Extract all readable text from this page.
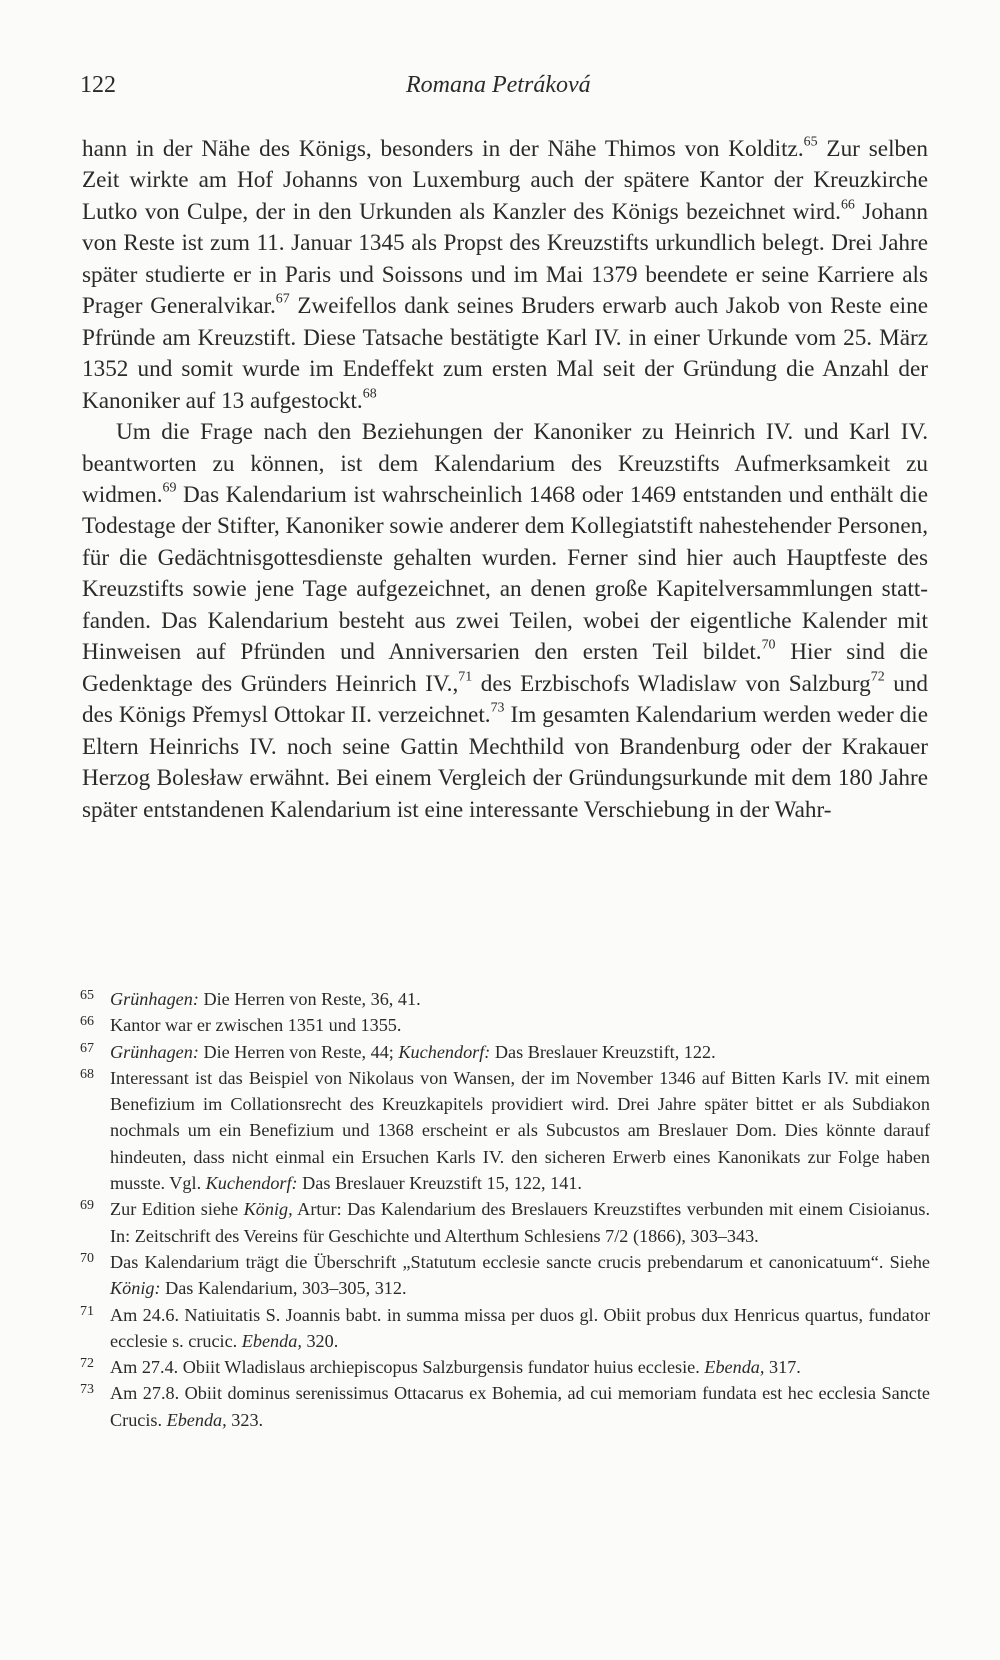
122	Romana Petráková

hann in der Nähe des Königs, besonders in der Nähe Thimos von Kolditz.$^{65}$ Zur selben Zeit wirkte am Hof Johanns von Luxemburg auch der spätere Kantor der Kreuzkirche Lutko von Culpe, der in den Urkunden als Kanzler des Königs bezeichnet wird.$^{66}$ Johann von Reste ist zum 11. Januar 1345 als Propst des Kreuzstifts urkundlich belegt. Drei Jahre später studierte er in Paris und Soissons und im Mai 1379 beendete er seine Karriere als Prager Generalvikar.$^{67}$ Zweifellos dank seines Bruders erwarb auch Jakob von Reste eine Pfründe am Kreuzstift. Diese Tatsache bestätigte Karl IV. in einer Urkunde vom 25. März 1352 und somit wurde im Endeffekt zum ersten Mal seit der Gründung die Anzahl der Kanoniker auf 13 aufgestockt.$^{68}$

Um die Frage nach den Beziehungen der Kanoniker zu Heinrich IV. und Karl IV. beantworten zu können, ist dem Kalendarium des Kreuzstifts Aufmerksamkeit zu widmen.$^{69}$ Das Kalendarium ist wahrscheinlich 1468 oder 1469 entstanden und enthält die Todestage der Stifter, Kanoniker sowie anderer dem Kollegiatstift nahestehender Personen, für die Gedächtnisgottesdienste gehalten wurden. Ferner sind hier auch Hauptfeste des Kreuzstifts sowie jene Tage aufgezeichnet, an denen große Kapitelversammlungen stattfanden. Das Kalendarium besteht aus zwei Teilen, wobei der eigentliche Kalender mit Hinweisen auf Pfründen und Anniversarien den ersten Teil bildet.$^{70}$ Hier sind die Gedenktage des Gründers Heinrich IV.,$^{71}$ des Erzbischofs Wladislaw von Salzburg$^{72}$ und des Königs Přemysl Ottokar II. verzeichnet.$^{73}$ Im gesamten Kalendarium werden weder die Eltern Heinrichs IV. noch seine Gattin Mechthild von Brandenburg oder der Krakauer Herzog Bolesław erwähnt. Bei einem Vergleich der Gründungsurkunde mit dem 180 Jahre später entstandenen Kalendarium ist eine interessante Verschiebung in der Wahr-

65 Grünhagen: Die Herren von Reste, 36, 41.
66 Kantor war er zwischen 1351 und 1355.
67 Grünhagen: Die Herren von Reste, 44; Kuchendorf: Das Breslauer Kreuzstift, 122.
68 Interessant ist das Beispiel von Nikolaus von Wansen, der im November 1346 auf Bitten Karls IV. mit einem Benefizium im Collationsrecht des Kreuzkapitels providiert wird. Drei Jahre später bittet er als Subdiakon nochmals um ein Benefizium und 1368 erscheint er als Subcustos am Breslauer Dom. Dies könnte darauf hindeuten, dass nicht einmal ein Ersuchen Karls IV. den sicheren Erwerb eines Kanonikats zur Folge haben musste. Vgl. Kuchendorf: Das Breslauer Kreuzstift 15, 122, 141.
69 Zur Edition siehe König, Artur: Das Kalendarium des Breslauers Kreuzstiftes verbunden mit einem Cisioianus. In: Zeitschrift des Vereins für Geschichte und Alterthum Schlesiens 7/2 (1866), 303–343.
70 Das Kalendarium trägt die Überschrift „Statutum ecclesie sancte crucis prebendarum et canonicatuum“. Siehe König: Das Kalendarium, 303–305, 312.
71 Am 24.6. Natiuitatis S. Joannis babt. in summa missa per duos gl. Obiit probus dux Henricus quartus, fundator ecclesie s. crucic. Ebenda, 320.
72 Am 27.4. Obiit Wladislaus archiepiscopus Salzburgensis fundator huius ecclesie. Ebenda, 317.
73 Am 27.8. Obiit dominus serenissimus Ottacarus ex Bohemia, ad cui memoriam fundata est hec ecclesia Sancte Crucis. Ebenda, 323.
